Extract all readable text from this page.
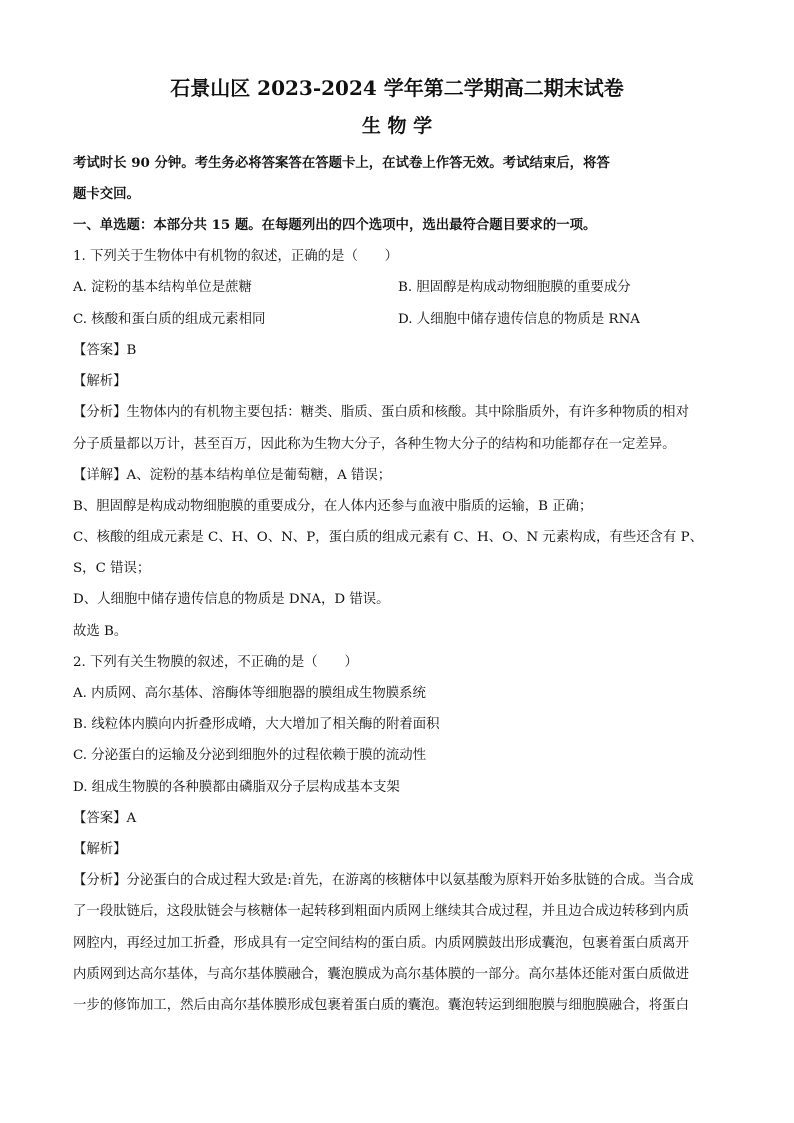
石景山区 2023-2024 学年第二学期高二期末试卷
生 物 学
考试时长 90 分钟。考生务必将答案答在答题卡上，在试卷上作答无效。考试结束后，将答
题卡交回。
一、单选题：本部分共 15 题。在每题列出的四个选项中，选出最符合题目要求的一项。
1. 下列关于生物体中有机物的叙述，正确的是（　　）
A. 淀粉的基本结构单位是蔗糖	B. 胆固醇是构成动物细胞膜的重要成分
C. 核酸和蛋白质的组成元素相同	D. 人细胞中储存遗传信息的物质是 RNA
【答案】B
【解析】
【分析】生物体内的有机物主要包括：糖类、脂质、蛋白质和核酸。其中除脂质外，有许多种物质的相对
分子质量都以万计，甚至百万，因此称为生物大分子，各种生物大分子的结构和功能都存在一定差异。
【详解】A、淀粉的基本结构单位是葡萄糖，A 错误；
B、胆固醇是构成动物细胞膜的重要成分，在人体内还参与血液中脂质的运输，B 正确；
C、核酸的组成元素是 C、H、O、N、P，蛋白质的组成元素有 C、H、O、N 元素构成，有些还含有 P、
S，C 错误；
D、人细胞中储存遗传信息的物质是 DNA，D 错误。
故选 B。
2. 下列有关生物膜的叙述，不正确的是（　　）
A. 内质网、高尔基体、溶酶体等细胞器的膜组成生物膜系统
B. 线粒体内膜向内折叠形成嵴，大大增加了相关酶的附着面积
C. 分泌蛋白的运输及分泌到细胞外的过程依赖于膜的流动性
D. 组成生物膜的各种膜都由磷脂双分子层构成基本支架
【答案】A
【解析】
【分析】分泌蛋白的合成过程大致是:首先，在游离的核糖体中以氨基酸为原料开始多肽链的合成。当合成
了一段肽链后，这段肽链会与核糖体一起转移到粗面内质网上继续其合成过程，并且边合成边转移到内质
网腔内，再经过加工折叠，形成具有一定空间结构的蛋白质。内质网膜鼓出形成囊泡，包裹着蛋白质离开
内质网到达高尔基体，与高尔基体膜融合，囊泡膜成为高尔基体膜的一部分。高尔基体还能对蛋白质做进
一步的修饰加工，然后由高尔基体膜形成包裹着蛋白质的囊泡。囊泡转运到细胞膜与细胞膜融合，将蛋白
